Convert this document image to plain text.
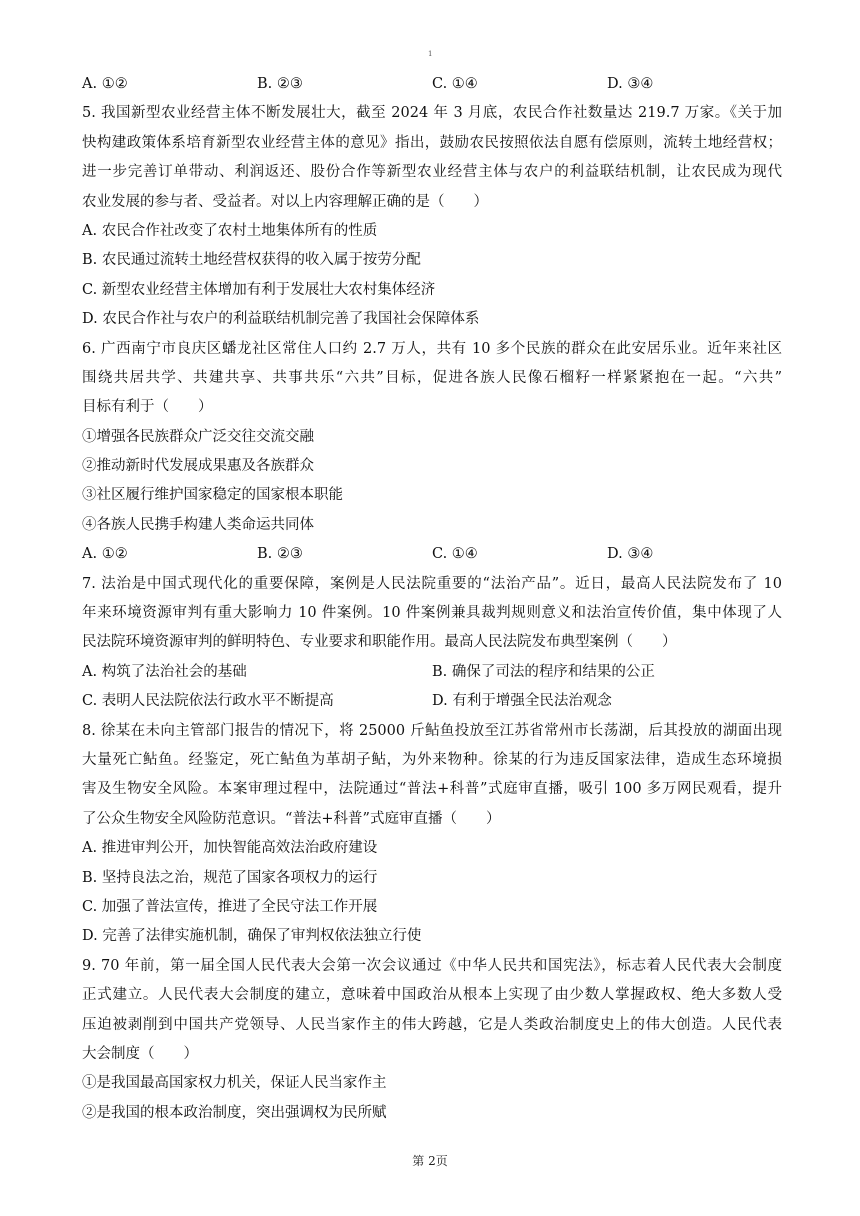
1
A. ①②	B. ②③	C. ①④	D. ③④
5. 我国新型农业经营主体不断发展壮大，截至 2024 年 3 月底，农民合作社数量达 219.7 万家。《关于加
快构建政策体系培育新型农业经营主体的意见》指出，鼓励农民按照依法自愿有偿原则，流转土地经营权；
进一步完善订单带动、利润返还、股份合作等新型农业经营主体与农户的利益联结机制，让农民成为现代
农业发展的参与者、受益者。对以上内容理解正确的是（　　）
A. 农民合作社改变了农村土地集体所有的性质
B. 农民通过流转土地经营权获得的收入属于按劳分配
C. 新型农业经营主体增加有利于发展壮大农村集体经济
D. 农民合作社与农户的利益联结机制完善了我国社会保障体系
6. 广西南宁市良庆区蟠龙社区常住人口约 2.7 万人，共有 10 多个民族的群众在此安居乐业。近年来社区
围绕共居共学、共建共享、共事共乐“六共”目标，促进各族人民像石榴籽一样紧紧抱在一起。“六共”
目标有利于（　　）
①增强各民族群众广泛交往交流交融
②推动新时代发展成果惠及各族群众
③社区履行维护国家稳定的国家根本职能
④各族人民携手构建人类命运共同体
A. ①②	B. ②③	C. ①④	D. ③④
7. 法治是中国式现代化的重要保障，案例是人民法院重要的“法治产品”。近日，最高人民法院发布了 10
年来环境资源审判有重大影响力 10 件案例。10 件案例兼具裁判规则意义和法治宣传价值，集中体现了人
民法院环境资源审判的鲜明特色、专业要求和职能作用。最高人民法院发布典型案例（　　）
A. 构筑了法治社会的基础	B. 确保了司法的程序和结果的公正
C. 表明人民法院依法行政水平不断提高	D. 有利于增强全民法治观念
8. 徐某在未向主管部门报告的情况下，将 25000 斤鲇鱼投放至江苏省常州市长荡湖，后其投放的湖面出现
大量死亡鲇鱼。经鉴定，死亡鲇鱼为革胡子鲇，为外来物种。徐某的行为违反国家法律，造成生态环境损
害及生物安全风险。本案审理过程中，法院通过“普法+科普”式庭审直播，吸引 100 多万网民观看，提升
了公众生物安全风险防范意识。“普法+科普”式庭审直播（　　）
A. 推进审判公开，加快智能高效法治政府建设
B. 坚持良法之治，规范了国家各项权力的运行
C. 加强了普法宣传，推进了全民守法工作开展
D. 完善了法律实施机制，确保了审判权依法独立行使
9. 70 年前，第一届全国人民代表大会第一次会议通过《中华人民共和国宪法》，标志着人民代表大会制度
正式建立。人民代表大会制度的建立，意味着中国政治从根本上实现了由少数人掌握政权、绝大多数人受
压迫被剥削到中国共产党领导、人民当家作主的伟大跨越，它是人类政治制度史上的伟大创造。人民代表
大会制度（　　）
①是我国最高国家权力机关，保证人民当家作主
②是我国的根本政治制度，突出强调权为民所赋
第 2页
